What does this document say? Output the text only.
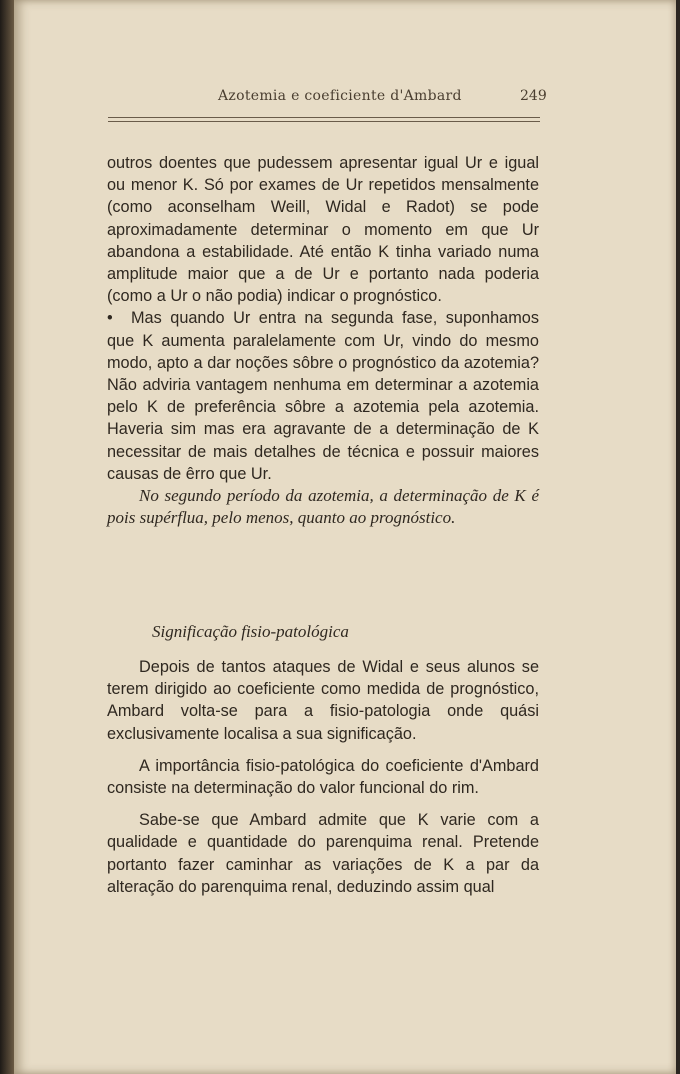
Azotemia e coeficiente d'Ambard	249

outros doentes que pudessem apresentar igual Ur e igual ou menor K. Só por exames de Ur repetidos mensalmente (como aconselham Weill, Widal e Radot) se pode aproximadamente determinar o momento em que Ur abandona a estabilidade. Até então K tinha variado numa amplitude maior que a de Ur e portanto nada poderia (como a Ur o não podia) indicar o prognóstico.

• Mas quando Ur entra na segunda fase, suponhamos que K aumenta paralelamente com Ur, vindo do mesmo modo, apto a dar noções sôbre o prognóstico da azotemia? Não adviria vantagem nenhuma em determinar a azotemia pelo K de preferência sôbre a azotemia pela azotemia. Haveria sim mas era agravante de a determinação de K necessitar de mais detalhes de técnica e possuir maiores causas de êrro que Ur.

No segundo período da azotemia, a determinação de K é pois supérflua, pelo menos, quanto ao prognóstico.

Significação fisio-patológica

Depois de tantos ataques de Widal e seus alunos se terem dirigido ao coeficiente como medida de prognóstico, Ambard volta-se para a fisio-patologia onde quási exclusivamente localisa a sua significação.

A importância fisio-patológica do coeficiente d'Ambard consiste na determinação do valor funcional do rim.

Sabe-se que Ambard admite que K varie com a qualidade e quantidade do parenquima renal. Pretende portanto fazer caminhar as variações de K a par da alteração do parenquima renal, deduzindo assim qual
